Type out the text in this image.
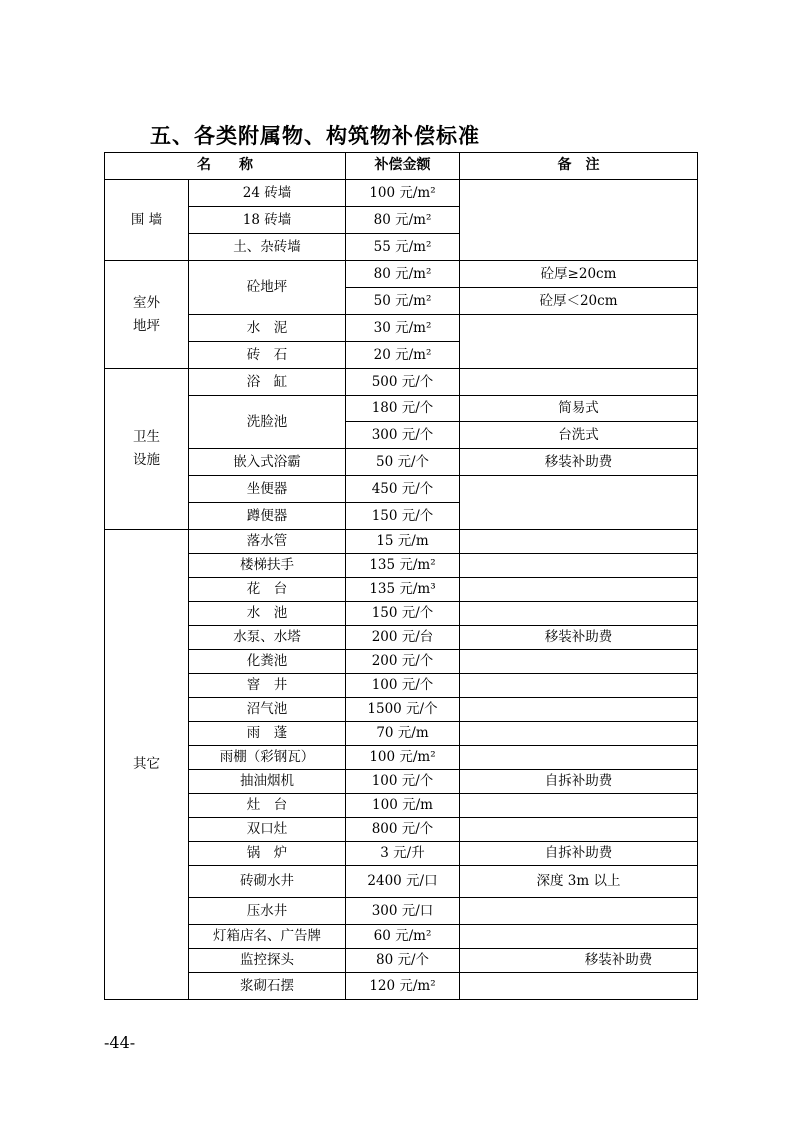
五、各类附属物、构筑物补偿标准
名　　称		补偿金额	备　注
围 墙	24 砖墙	100 元/m²	
	18 砖墙	80 元/m²	
	土、杂砖墙	55 元/m²	
室外地坪	砼地坪	80 元/m²	砼厚≥20cm
		50 元/m²	砼厚＜20cm
	水　泥	30 元/m²	
	砖　石	20 元/m²	
卫生设施	浴　缸	500 元/个	
	洗脸池	180 元/个	简易式
		300 元/个	台洗式
	嵌入式浴霸	50 元/个	移装补助费
	坐便器	450 元/个	
	蹲便器	150 元/个	
其它	落水管	15 元/m	
	楼梯扶手	135 元/m²	
	花　台	135 元/m³	
	水　池	150 元/个	
	水泵、水塔	200 元/台	移装补助费
	化粪池	200 元/个	
	窨　井	100 元/个	
	沼气池	1500 元/个	
	雨　蓬	70 元/m	
	雨棚（彩钢瓦）	100 元/m²	
	抽油烟机	100 元/个	自拆补助费
	灶　台	100 元/m	
	双口灶	800 元/个	
	锅　炉	3 元/升	自拆补助费
	砖砌水井	2400 元/口	深度 3m 以上
	压水井	300 元/口	
	灯箱店名、广告牌	60 元/m²	
	监控探头	80 元/个	移装补助费
	浆砌石摆	120 元/m²	
-44-
